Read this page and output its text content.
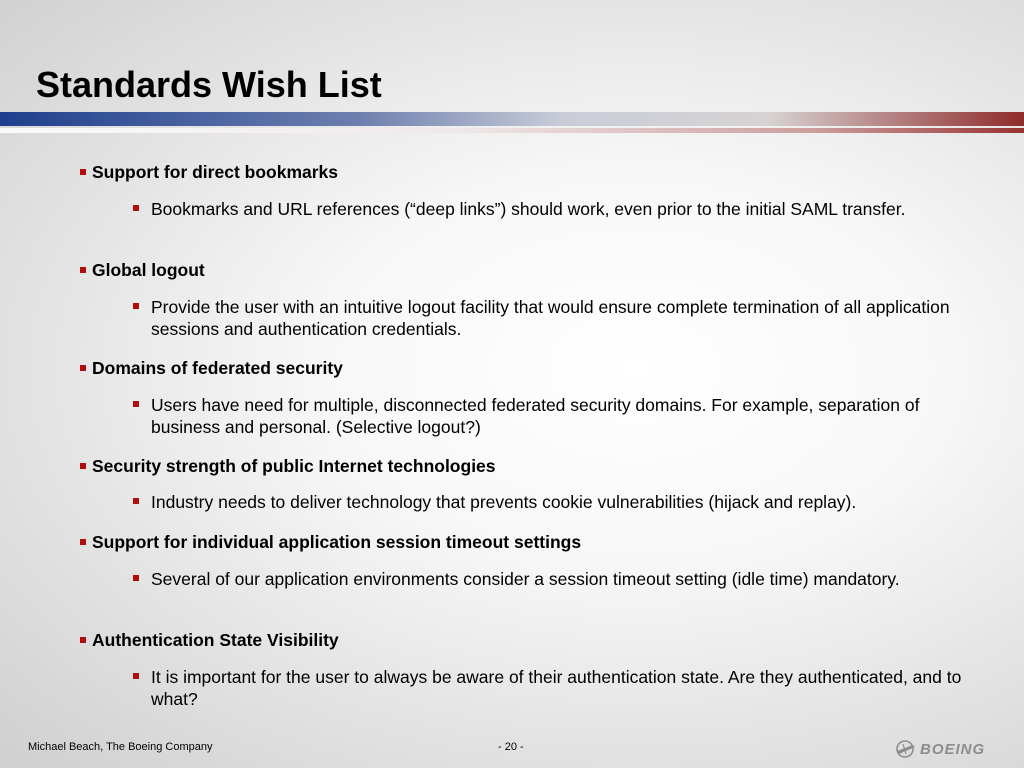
Standards Wish List
Support for direct bookmarks
Bookmarks and URL references (“deep links”) should work, even prior to the initial SAML transfer.
Global logout
Provide the user with an intuitive logout facility that would ensure complete termination of all application sessions and authentication credentials.
Domains of federated security
Users have need for multiple, disconnected federated security domains. For example, separation of business and personal. (Selective logout?)
Security strength of public Internet technologies
Industry needs to deliver technology that prevents cookie vulnerabilities (hijack and replay).
Support for individual application session timeout settings
Several of our application environments consider a session timeout setting (idle time) mandatory.
Authentication State Visibility
It is important for the user to always be aware of their authentication state. Are they authenticated, and to what?
Michael Beach, The Boeing Company	- 20 -	BOEING
